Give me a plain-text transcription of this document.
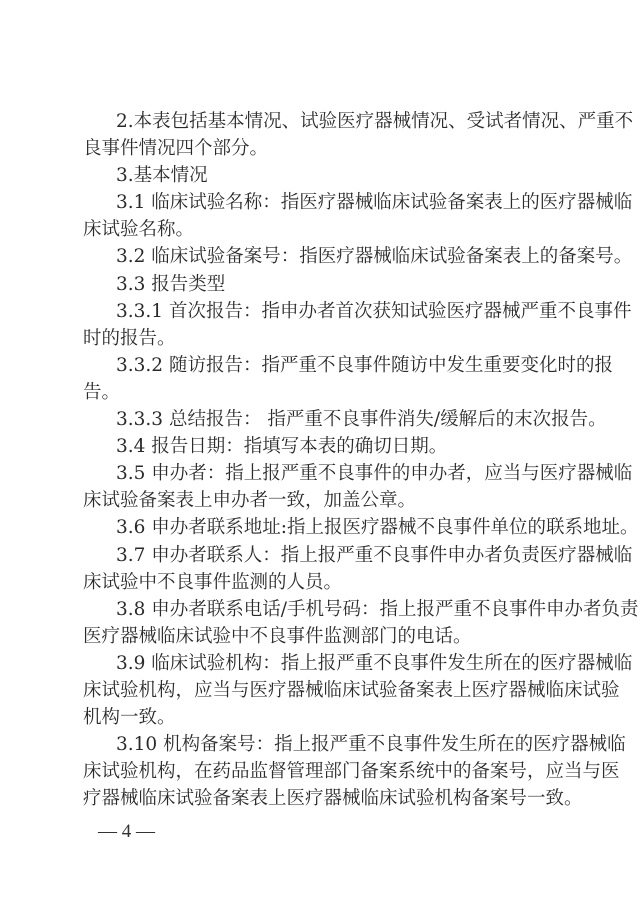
2.本表包括基本情况、试验医疗器械情况、受试者情况、严重不
良事件情况四个部分。
3.基本情况
3.1 临床试验名称：指医疗器械临床试验备案表上的医疗器械临
床试验名称。
3.2 临床试验备案号：指医疗器械临床试验备案表上的备案号。
3.3 报告类型
3.3.1 首次报告：指申办者首次获知试验医疗器械严重不良事件
时的报告。
3.3.2 随访报告：指严重不良事件随访中发生重要变化时的报
告。
3.3.3 总结报告： 指严重不良事件消失/缓解后的末次报告。
3.4 报告日期：指填写本表的确切日期。
3.5 申办者：指上报严重不良事件的申办者，应当与医疗器械临
床试验备案表上申办者一致，加盖公章。
3.6 申办者联系地址:指上报医疗器械不良事件单位的联系地址。
3.7 申办者联系人：指上报严重不良事件申办者负责医疗器械临
床试验中不良事件监测的人员。
3.8 申办者联系电话/手机号码：指上报严重不良事件申办者负责
医疗器械临床试验中不良事件监测部门的电话。
3.9 临床试验机构：指上报严重不良事件发生所在的医疗器械临
床试验机构，应当与医疗器械临床试验备案表上医疗器械临床试验
机构一致。
3.10 机构备案号：指上报严重不良事件发生所在的医疗器械临
床试验机构，在药品监督管理部门备案系统中的备案号，应当与医
疗器械临床试验备案表上医疗器械临床试验机构备案号一致。
— 4 —
